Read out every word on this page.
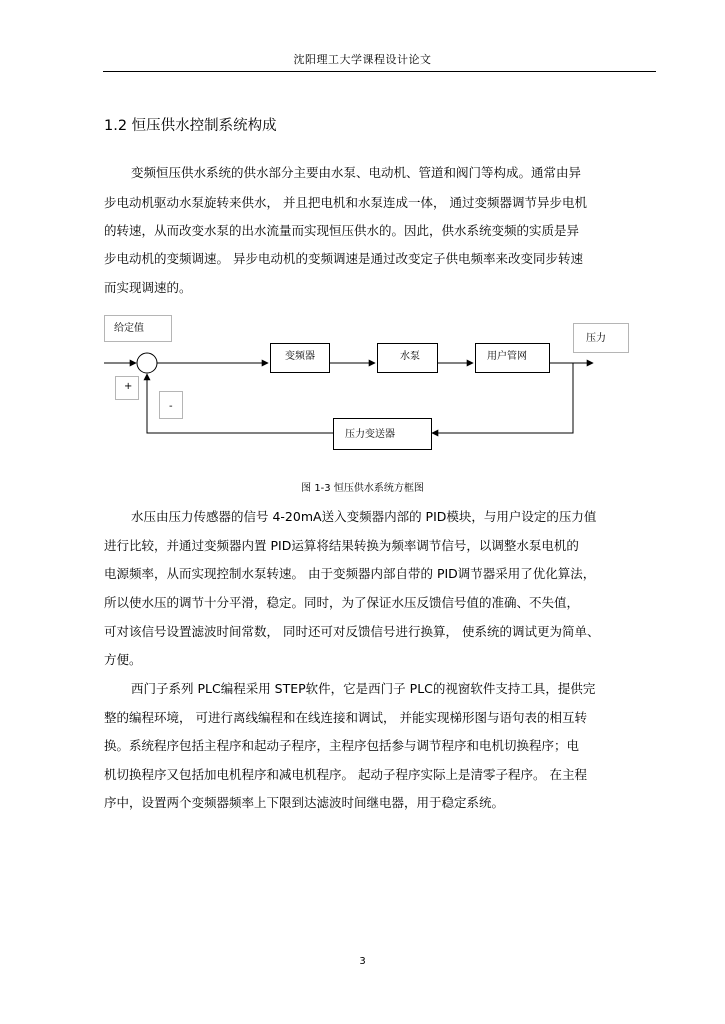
沈阳理工大学课程设计论文
1.2 恒压供水控制系统构成
变频恒压供水系统的供水部分主要由水泵、电动机、管道和阀门等构成。通常由异
步电动机驱动水泵旋转来供水， 并且把电机和水泵连成一体， 通过变频器调节异步电机
的转速，从而改变水泵的出水流量而实现恒压供水的。因此，供水系统变频的实质是异
步电动机的变频调速。 异步电动机的变频调速是通过改变定子供电频率来改变同步转速
而实现调速的。
给定值
压力
+
-
变频器	水泵	用户管网
压力变送器
图 1-3 恒压供水系统方框图
水压由压力传感器的信号 4-20mA送入变频器内部的 PID模块，与用户设定的压力值
进行比较，并通过变频器内置 PID运算将结果转换为频率调节信号，以调整水泵电机的
电源频率，从而实现控制水泵转速。 由于变频器内部自带的 PID调节器采用了优化算法，
所以使水压的调节十分平滑，稳定。同时，为了保证水压反馈信号值的准确、不失值，
可对该信号设置滤波时间常数， 同时还可对反馈信号进行换算， 使系统的调试更为简单、
方便。
西门子系列 PLC编程采用 STEP软件，它是西门子 PLC的视窗软件支持工具，提供完
整的编程环境， 可进行离线编程和在线连接和调试， 并能实现梯形图与语句表的相互转
换。系统程序包括主程序和起动子程序，主程序包括参与调节程序和电机切换程序；电
机切换程序又包括加电机程序和减电机程序。 起动子程序实际上是清零子程序。 在主程
序中，设置两个变频器频率上下限到达滤波时间继电器，用于稳定系统。
3
